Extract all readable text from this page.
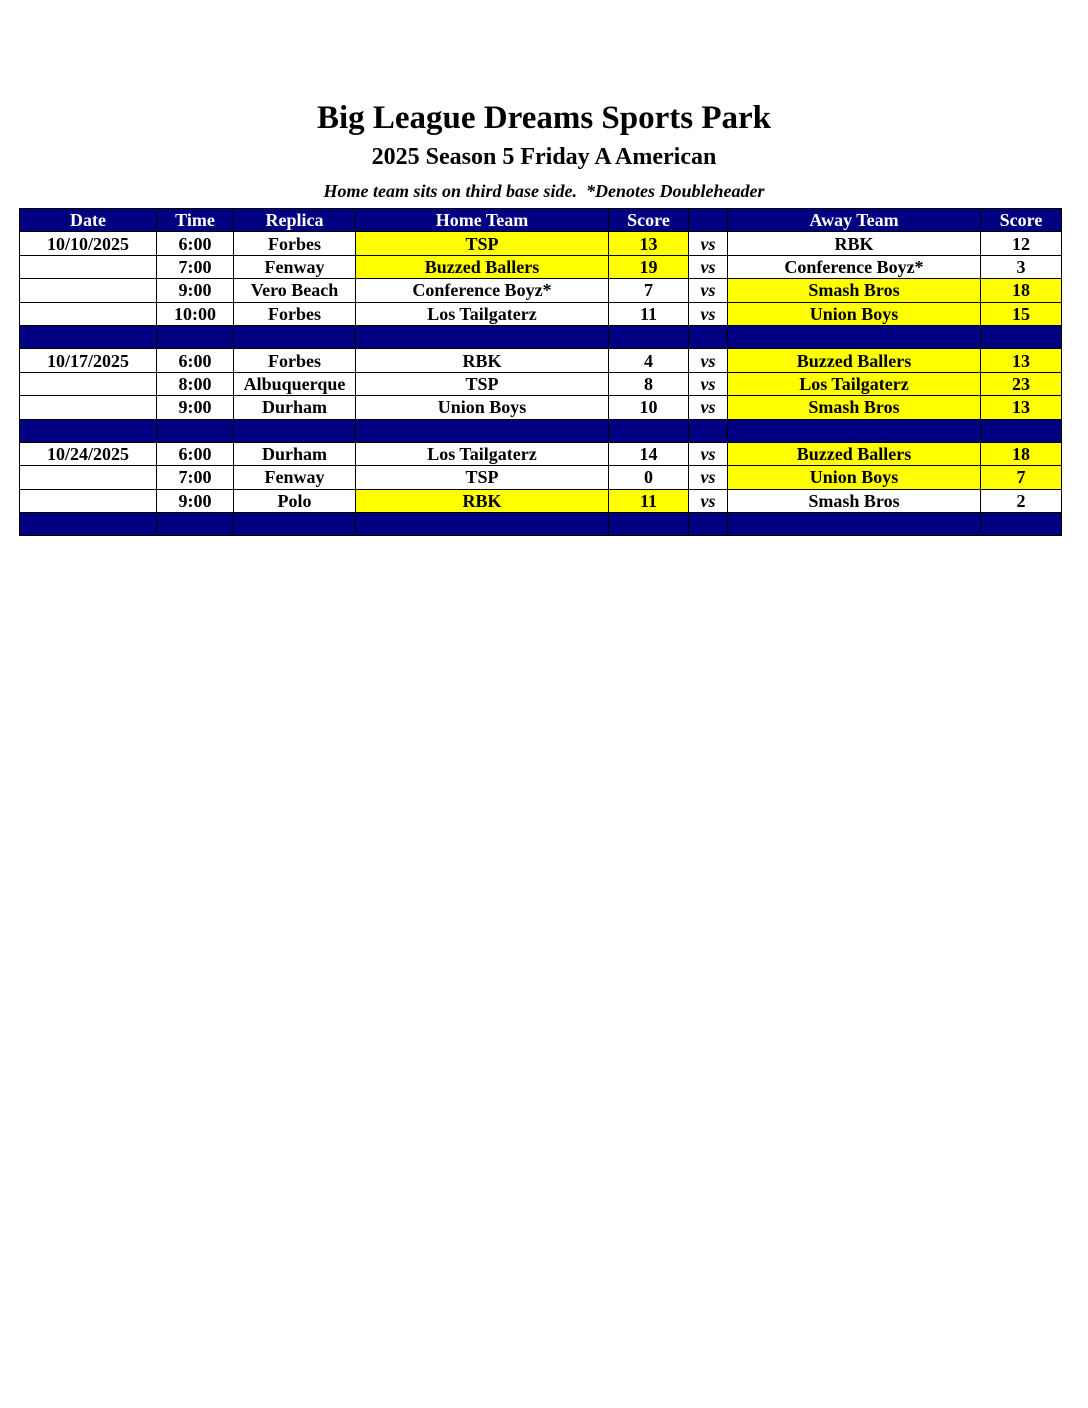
Big League Dreams Sports Park
2025 Season 5 Friday A American
Home team sits on third base side.  *Denotes Doubleheader
Date	Time	Replica	Home Team	Score		Away Team	Score
10/10/2025	6:00	Forbes	TSP	13	vs	RBK	12
	7:00	Fenway	Buzzed Ballers	19	vs	Conference Boyz*	3
	9:00	Vero Beach	Conference Boyz*	7	vs	Smash Bros	18
	10:00	Forbes	Los Tailgaterz	11	vs	Union Boys	15

10/17/2025	6:00	Forbes	RBK	4	vs	Buzzed Ballers	13
	8:00	Albuquerque	TSP	8	vs	Los Tailgaterz	23
	9:00	Durham	Union Boys	10	vs	Smash Bros	13

10/24/2025	6:00	Durham	Los Tailgaterz	14	vs	Buzzed Ballers	18
	7:00	Fenway	TSP	0	vs	Union Boys	7
	9:00	Polo	RBK	11	vs	Smash Bros	2
